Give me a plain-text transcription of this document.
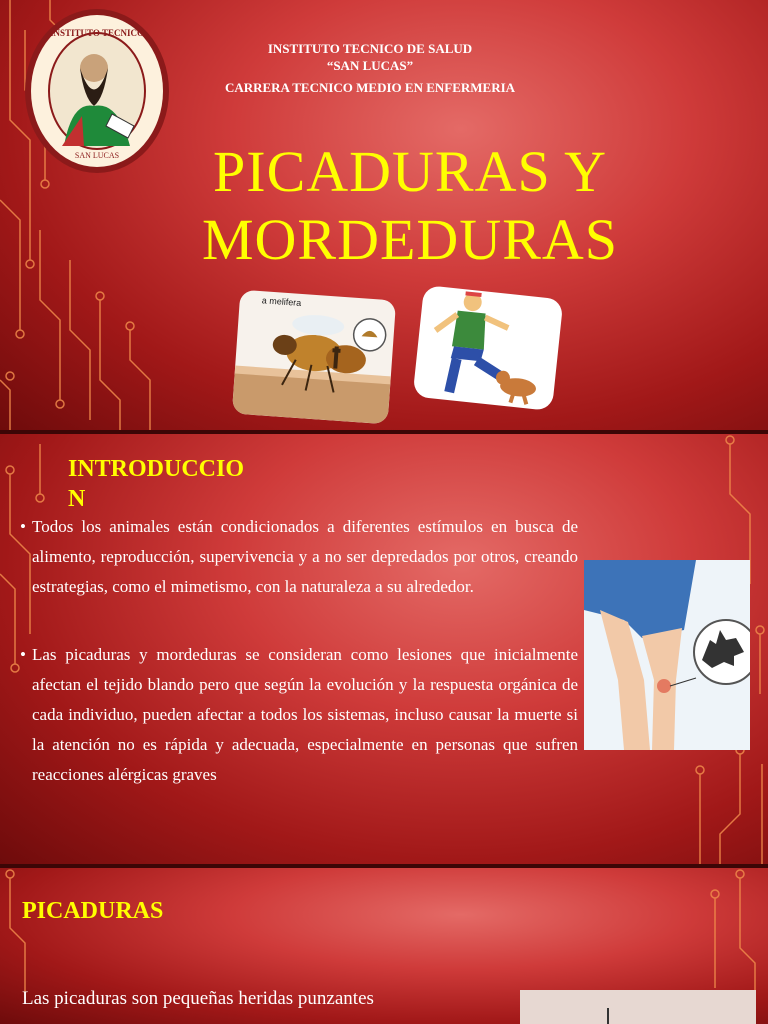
INSTITUTO TECNICO
SAN LUCAS
INSTITUTO TECNICO DE SALUD
“SAN LUCAS”
CARRERA TECNICO MEDIO EN ENFERMERIA
PICADURAS Y
MORDEDURAS
a melifera
INTRODUCCIO
N
• Todos los animales están condicionados a diferentes estímulos en busca de alimento, reproducción, supervivencia y a no ser depredados por otros, creando estrategias, como el mimetismo, con la naturaleza a su alrededor.
• Las picaduras y mordeduras se consideran como lesiones que inicialmente afectan el tejido blando pero que según la evolución y la respuesta orgánica de cada individuo, pueden afectar a todos los sistemas, incluso causar la muerte si la atención no es rápida y adecuada, especialmente en personas que sufren reacciones alérgicas graves
PICADURAS
Las picaduras son pequeñas heridas punzantes
